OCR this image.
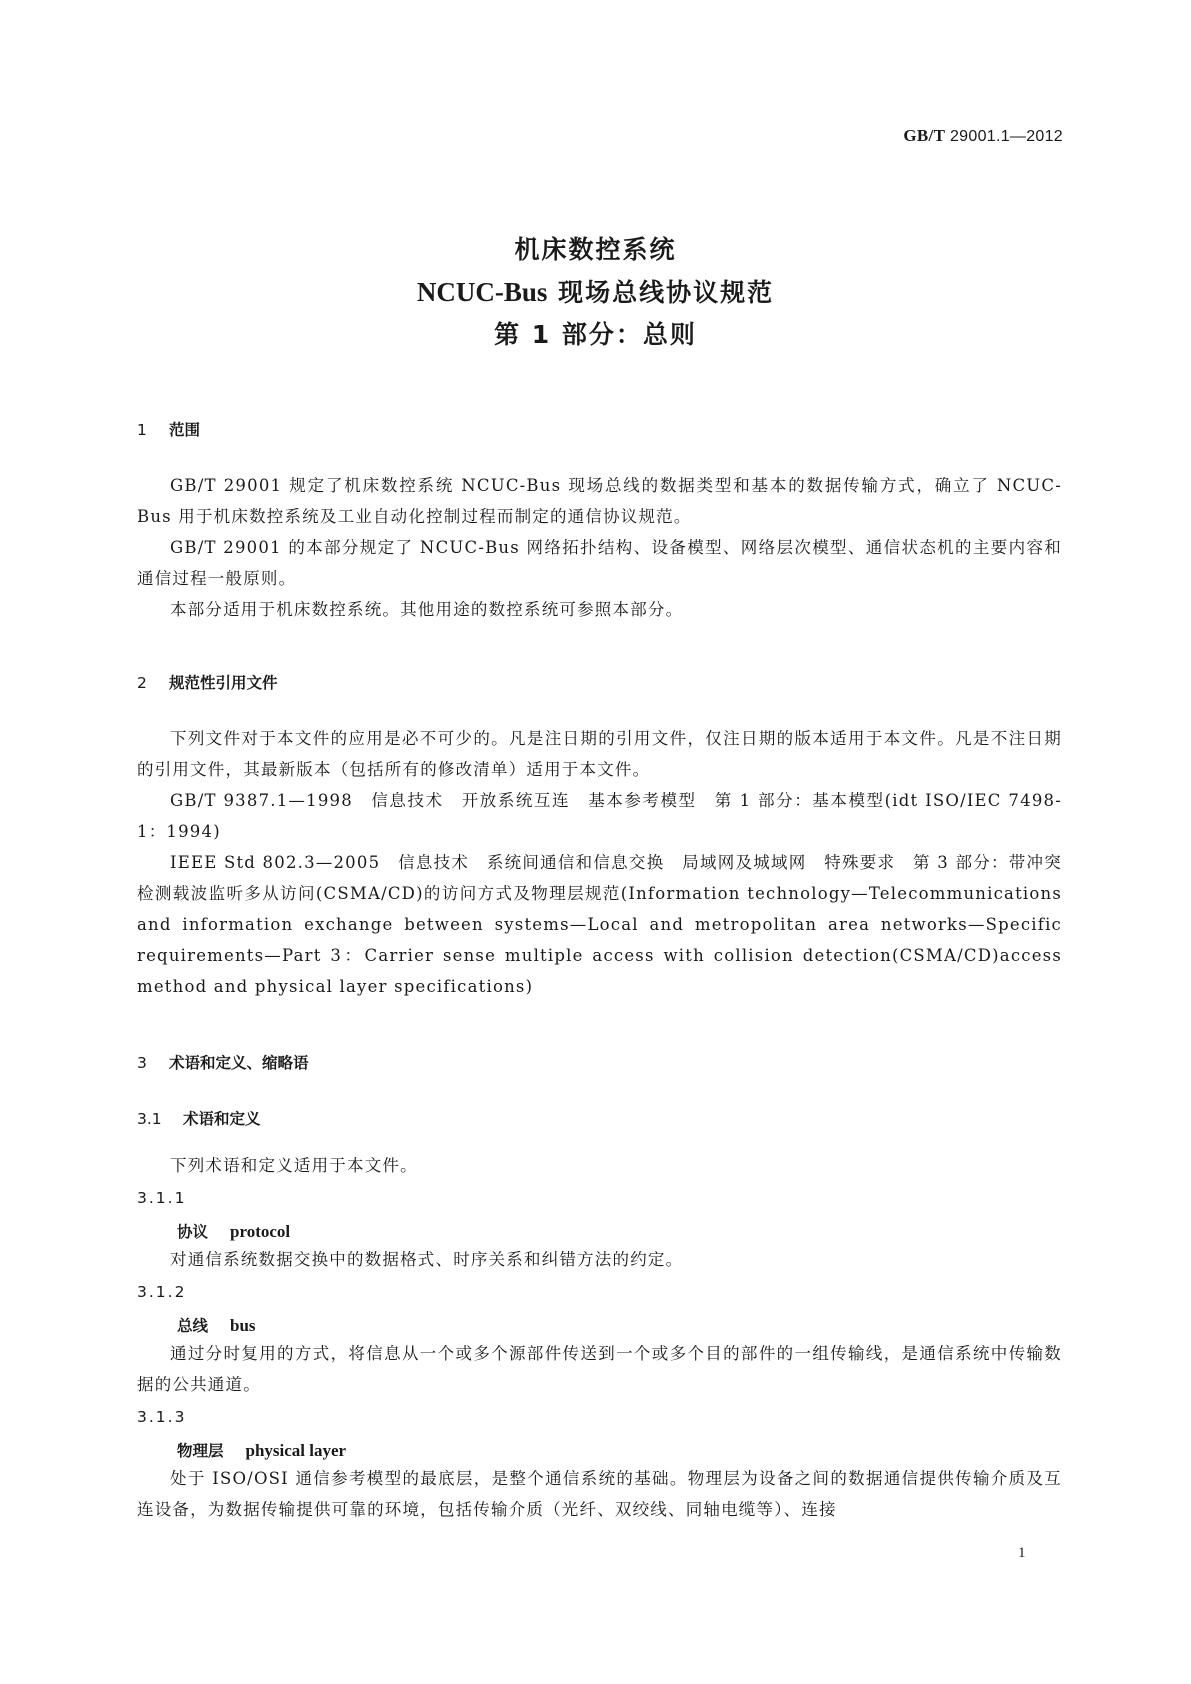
GB/T 29001.1—2012
机床数控系统
NCUC-Bus 现场总线协议规范
第 1 部分：总则
1 范围

GB/T 29001 规定了机床数控系统 NCUC-Bus 现场总线的数据类型和基本的数据传输方式，确立了 NCUC-Bus 用于机床数控系统及工业自动化控制过程而制定的通信协议规范。

GB/T 29001 的本部分规定了 NCUC-Bus 网络拓扑结构、设备模型、网络层次模型、通信状态机的主要内容和通信过程一般原则。

本部分适用于机床数控系统。其他用途的数控系统可参照本部分。

2 规范性引用文件

下列文件对于本文件的应用是必不可少的。凡是注日期的引用文件，仅注日期的版本适用于本文件。凡是不注日期的引用文件，其最新版本（包括所有的修改清单）适用于本文件。

GB/T 9387.1—1998　信息技术　开放系统互连　基本参考模型　第 1 部分：基本模型(idt ISO/IEC 7498-1：1994)

IEEE Std 802.3—2005　信息技术　系统间通信和信息交换　局域网及城域网　特殊要求　第 3 部分：带冲突检测载波监听多从访问(CSMA/CD)的访问方式及物理层规范(Information technology—Telecommunications and information exchange between systems—Local and metropolitan area networks—Specific requirements—Part 3：Carrier sense multiple access with collision detection(CSMA/CD)access method and physical layer specifications)

3 术语和定义、缩略语
3.1 术语和定义

下列术语和定义适用于本文件。

3.1.1
协议 protocol

对通信系统数据交换中的数据格式、时序关系和纠错方法的约定。

3.1.2
总线 bus

通过分时复用的方式，将信息从一个或多个源部件传送到一个或多个目的部件的一组传输线，是通信系统中传输数据的公共通道。

3.1.3
物理层 physical layer

处于 ISO/OSI 通信参考模型的最底层，是整个通信系统的基础。物理层为设备之间的数据通信提供传输介质及互连设备，为数据传输提供可靠的环境，包括传输介质（光纤、双绞线、同轴电缆等）、连接

1
